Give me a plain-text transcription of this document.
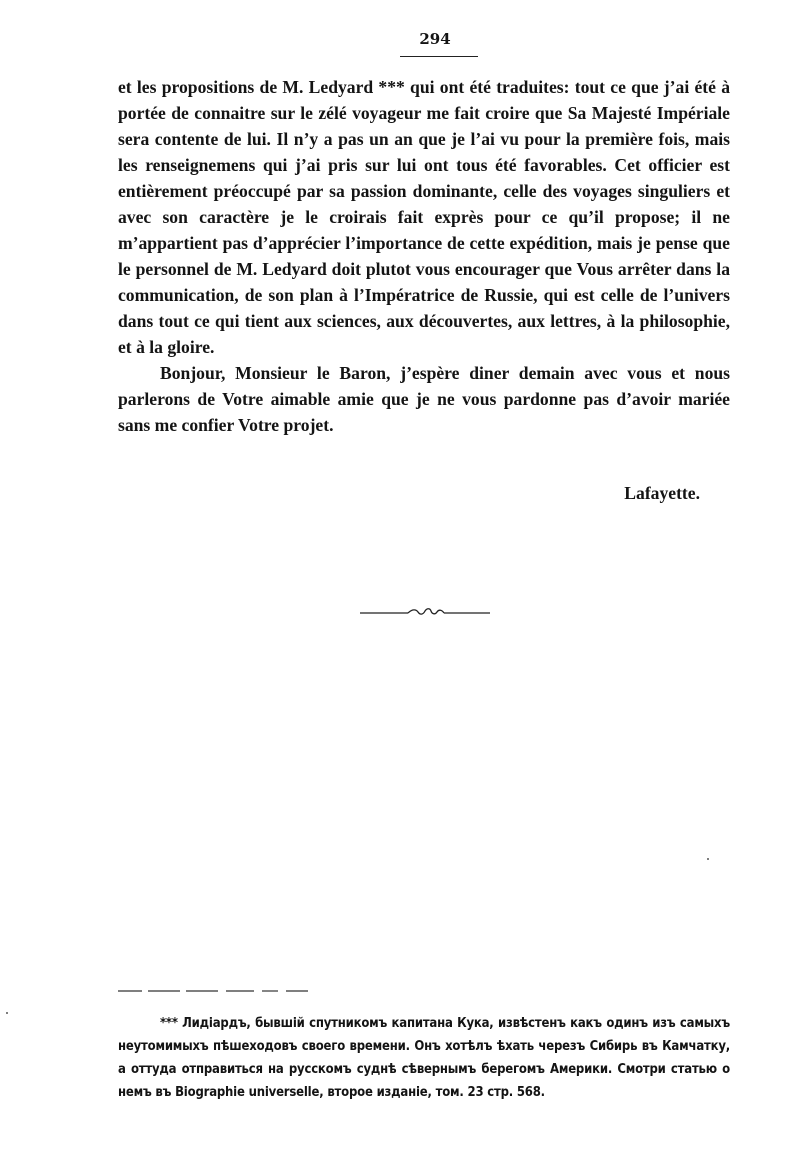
294

et les propositions de M. Ledyard *** qui ont été traduites: tout ce que j’ai été à portée de connaitre sur le zélé voyageur me fait croire que Sa Majesté Impériale sera contente de lui. Il n’y a pas un an que je l’ai vu pour la première fois, mais les renseignemens qui j’ai pris sur lui ont tous été favorables. Cet officier est entièrement préoccupé par sa passion dominante, celle des voyages singuliers et avec son caractère je le croirais fait exprès pour ce qu’il propose; il ne m’appartient pas d’apprécier l’importance de cette expédition, mais je pense que le personnel de M. Ledyard doit plutot vous encourager que Vous arrêter dans la communication, de son plan à l’Impératrice de Russie, qui est celle de l’univers dans tout ce qui tient aux sciences, aux découvertes, aux lettres, à la philosophie, et à la gloire.

Bonjour, Monsieur le Baron, j’espère diner demain avec vous et nous parlerons de Votre aimable amie que je ne vous pardonne pas d’avoir mariée sans me confier Votre projet.

Lafayette.

*** Лидіардъ, бывшій спутникомъ капитана Кука, извѣстенъ какъ одинъ изъ самыхъ неутомимыхъ пѣшеходовъ своего времени. Онъ хотѣлъ ѣхать черезъ Сибирь въ Камчатку, а оттуда отправиться на русскомъ суднѣ сѣвернымъ берегомъ Америки. Смотри статью о немъ въ Biographie universelle, второе изданіе, том. 23 стр. 568.
